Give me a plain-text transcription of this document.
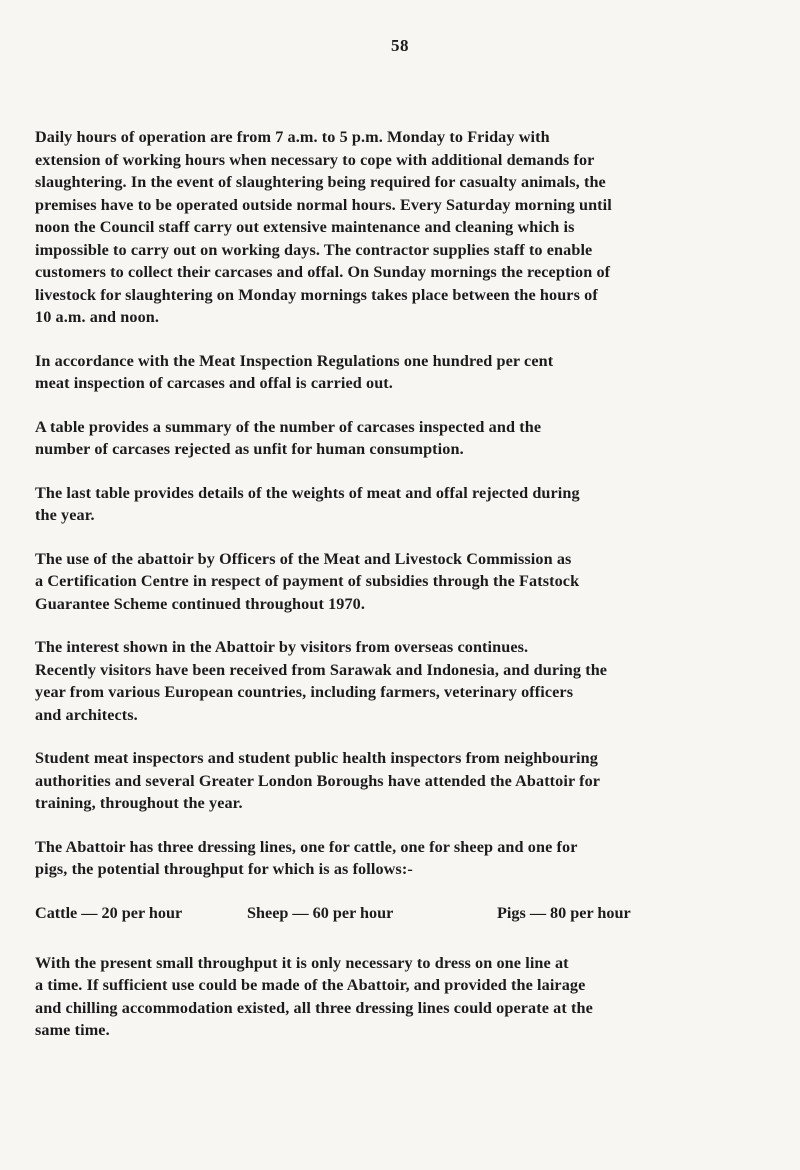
58

Daily hours of operation are from 7 a.m. to 5 p.m. Monday to Friday with
extension of working hours when necessary to cope with additional demands for
slaughtering. In the event of slaughtering being required for casualty animals, the
premises have to be operated outside normal hours. Every Saturday morning until
noon the Council staff carry out extensive maintenance and cleaning which is
impossible to carry out on working days. The contractor supplies staff to enable
customers to collect their carcases and offal. On Sunday mornings the reception of
livestock for slaughtering on Monday mornings takes place between the hours of
10 a.m. and noon.

In accordance with the Meat Inspection Regulations one hundred per cent
meat inspection of carcases and offal is carried out.

A table provides a summary of the number of carcases inspected and the
number of carcases rejected as unfit for human consumption.

The last table provides details of the weights of meat and offal rejected during
the year.

The use of the abattoir by Officers of the Meat and Livestock Commission as
a Certification Centre in respect of payment of subsidies through the Fatstock
Guarantee Scheme continued throughout 1970.

The interest shown in the Abattoir by visitors from overseas continues.
Recently visitors have been received from Sarawak and Indonesia, and during the
year from various European countries, including farmers, veterinary officers
and architects.

Student meat inspectors and student public health inspectors from neighbouring
authorities and several Greater London Boroughs have attended the Abattoir for
training, throughout the year.

The Abattoir has three dressing lines, one for cattle, one for sheep and one for
pigs, the potential throughput for which is as follows:-

Cattle — 20 per hour	Sheep — 60 per hour	Pigs — 80 per hour

With the present small throughput it is only necessary to dress on one line at
a time. If sufficient use could be made of the Abattoir, and provided the lairage
and chilling accommodation existed, all three dressing lines could operate at the
same time.
